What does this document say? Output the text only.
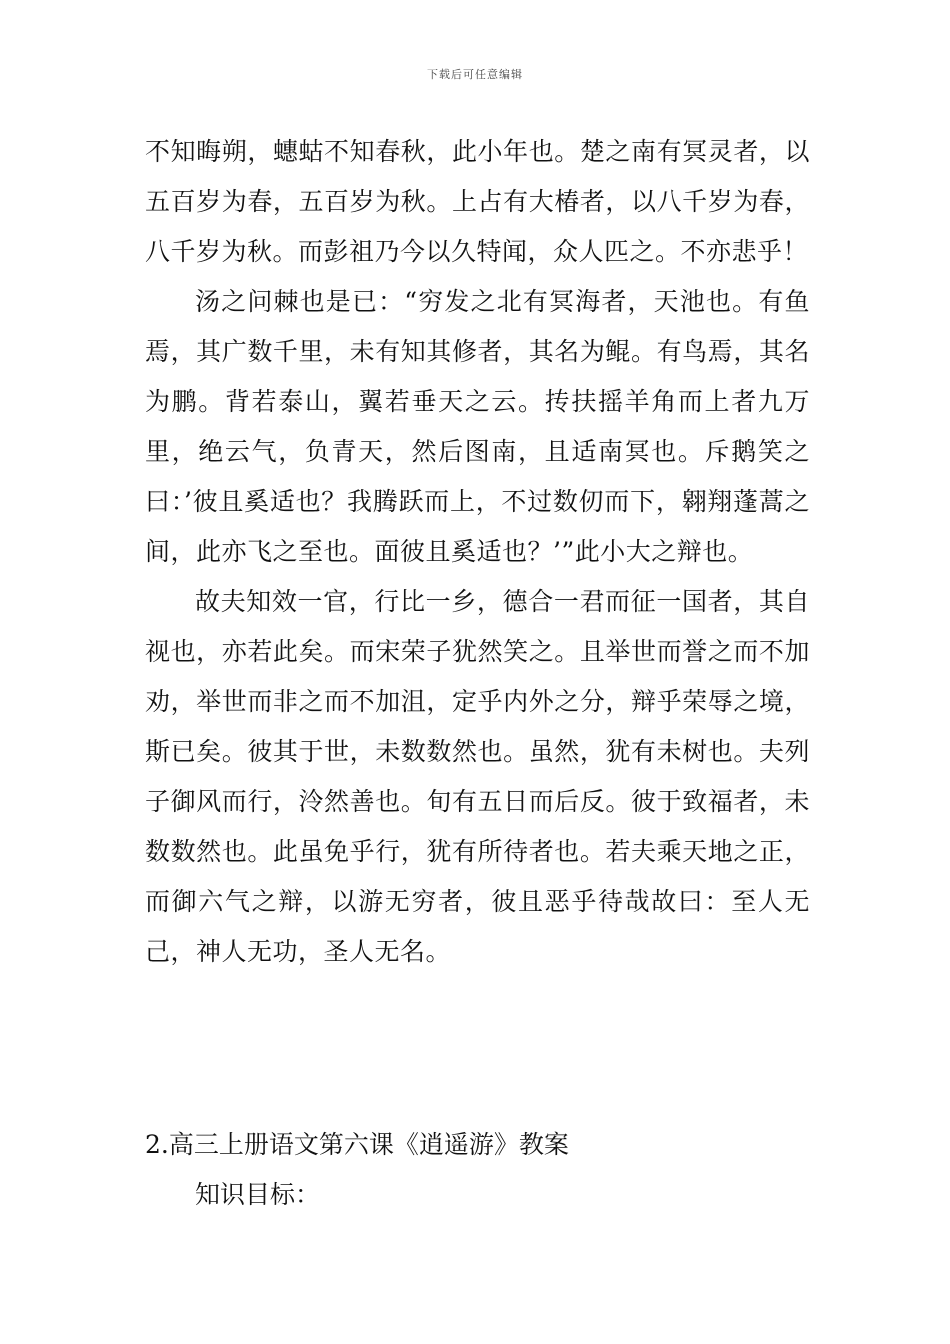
下载后可任意编辑

不知晦朔，蟪蛄不知春秋，此小年也。楚之南有冥灵者，以五百岁为春，五百岁为秋。上占有大椿者，以八千岁为春，八千岁为秋。而彭祖乃今以久特闻，众人匹之。不亦悲乎！

汤之问棘也是已：“穷发之北有冥海者，天池也。有鱼焉，其广数千里，未有知其修者，其名为鲲。有鸟焉，其名为鹏。背若泰山，翼若垂天之云。抟扶摇羊角而上者九万里，绝云气，负青天，然后图南，且适南冥也。斥鹅笑之曰：’彼且奚适也？我腾跃而上，不过数仞而下，翱翔蓬蒿之间，此亦飞之至也。面彼且奚适也？’”此小大之辩也。

故夫知效一官，行比一乡，德合一君而征一国者，其自视也，亦若此矣。而宋荣子犹然笑之。且举世而誉之而不加劝，举世而非之而不加沮，定乎内外之分，辩乎荣辱之境，斯已矣。彼其于世，未数数然也。虽然，犹有未树也。夫列子御风而行，泠然善也。旬有五日而后反。彼于致福者，未数数然也。此虽免乎行，犹有所待者也。若夫乘天地之正，而御六气之辩，以游无穷者，彼且恶乎待哉故曰：至人无己，神人无功，圣人无名。

2.高三上册语文第六课《逍遥游》教案

知识目标：
